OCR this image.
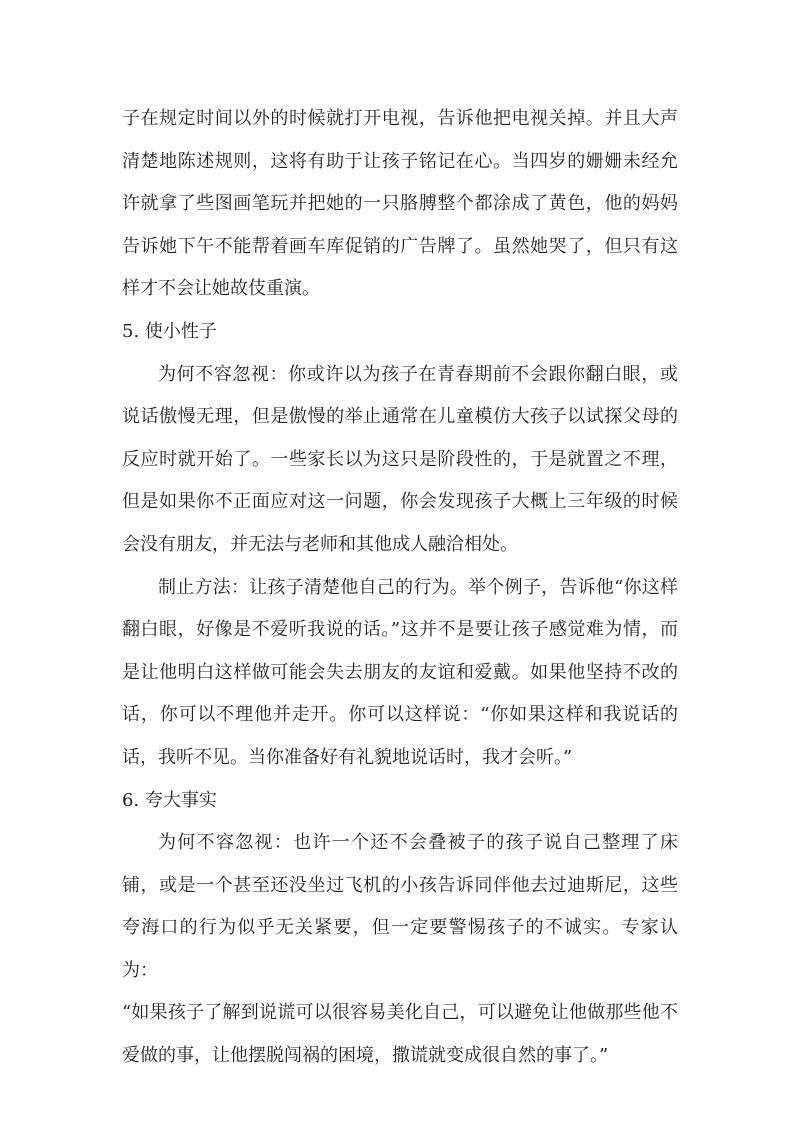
子在规定时间以外的时候就打开电视，告诉他把电视关掉。并且大声清楚地陈述规则，这将有助于让孩子铭记在心。当四岁的姗姗未经允许就拿了些图画笔玩并把她的一只胳膊整个都涂成了黄色，他的妈妈告诉她下午不能帮着画车库促销的广告牌了。虽然她哭了，但只有这样才不会让她故伎重演。

5. 使小性子

为何不容忽视：你或许以为孩子在青春期前不会跟你翻白眼，或说话傲慢无理，但是傲慢的举止通常在儿童模仿大孩子以试探父母的反应时就开始了。一些家长以为这只是阶段性的，于是就置之不理，但是如果你不正面应对这一问题，你会发现孩子大概上三年级的时候会没有朋友，并无法与老师和其他成人融洽相处。

制止方法：让孩子清楚他自己的行为。举个例子，告诉他“你这样翻白眼，好像是不爱听我说的话。”这并不是要让孩子感觉难为情，而是让他明白这样做可能会失去朋友的友谊和爱戴。如果他坚持不改的话，你可以不理他并走开。你可以这样说：“你如果这样和我说话的话，我听不见。当你准备好有礼貌地说话时，我才会听。”

6. 夸大事实

为何不容忽视：也许一个还不会叠被子的孩子说自己整理了床铺，或是一个甚至还没坐过飞机的小孩告诉同伴他去过迪斯尼，这些夸海口的行为似乎无关紧要，但一定要警惕孩子的不诚实。专家认为：

“如果孩子了解到说谎可以很容易美化自己，可以避免让他做那些他不爱做的事，让他摆脱闯祸的困境，撒谎就变成很自然的事了。”
